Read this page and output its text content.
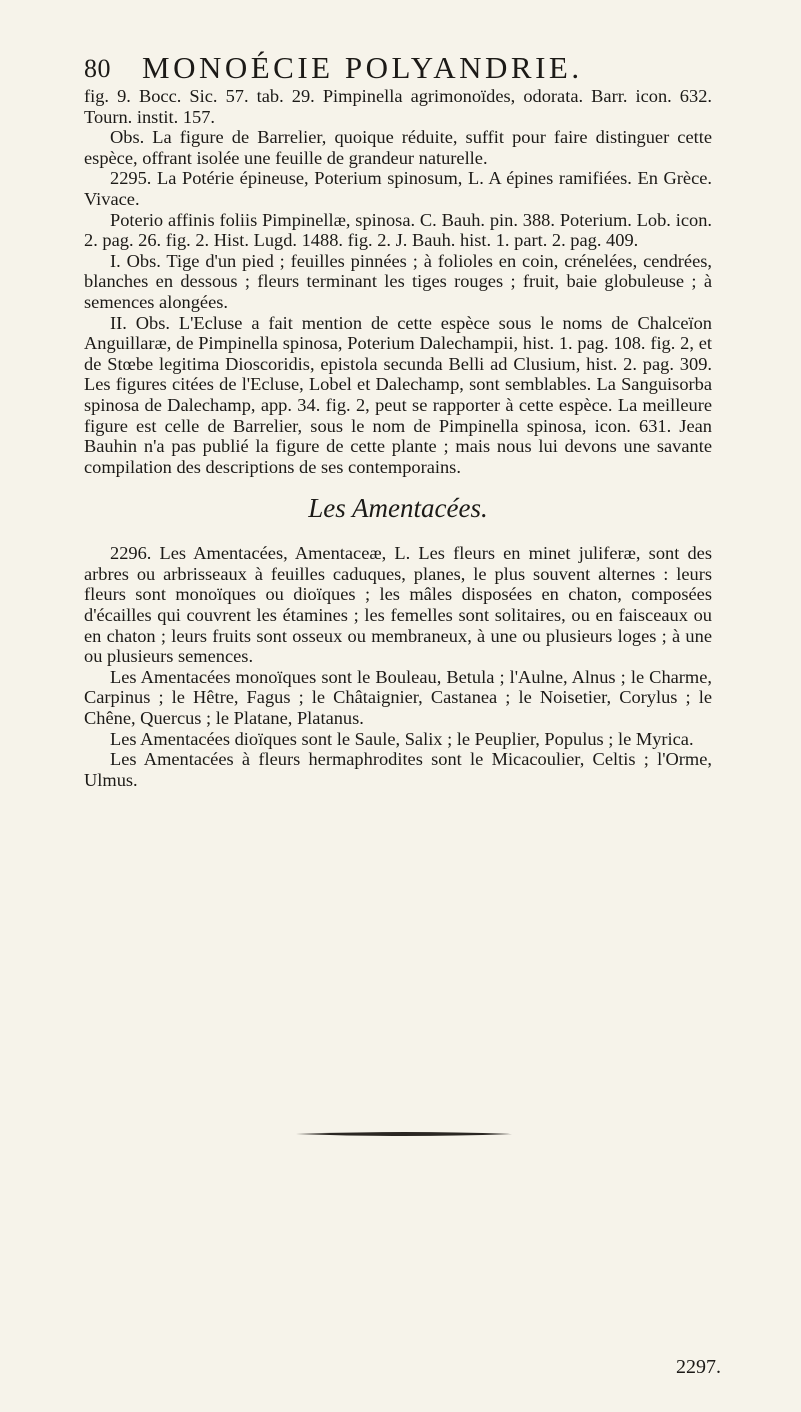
80 MONOÉCIE POLYANDRIE.

fig. 9. Bocc. Sic. 57. tab. 29. Pimpinella agrimonoïdes, odorata. Barr. icon. 632. Tourn. instit. 157.

Obs. La figure de Barrelier, quoique réduite, suffit pour faire distinguer cette espèce, offrant isolée une feuille de grandeur naturelle.

2295. La Potérie épineuse, Poterium spinosum, L. A épines ramifiées. En Grèce. Vivace.

Poterio affinis foliis Pimpinellæ, spinosa. C. Bauh. pin. 388. Poterium. Lob. icon. 2. pag. 26. fig. 2. Hist. Lugd. 1488. fig. 2. J. Bauh. hist. 1. part. 2. pag. 409.

I. Obs. Tige d'un pied ; feuilles pinnées ; à folioles en coin, crénelées, cendrées, blanches en dessous ; fleurs terminant les tiges rouges ; fruit, baie globuleuse ; à semences alongées.

II. Obs. L'Ecluse a fait mention de cette espèce sous le noms de Chalceïon Anguillaræ, de Pimpinella spinosa, Poterium Dalechampii, hist. 1. pag. 108. fig. 2, et de Stœbe legitima Dioscoridis, epistola secunda Belli ad Clusium, hist. 2. pag. 309. Les figures citées de l'Ecluse, Lobel et Dalechamp, sont semblables. La Sanguisorba spinosa de Dalechamp, app. 34. fig. 2, peut se rapporter à cette espèce. La meilleure figure est celle de Barrelier, sous le nom de Pimpinella spinosa, icon. 631. Jean Bauhin n'a pas publié la figure de cette plante ; mais nous lui devons une savante compilation des descriptions de ses contemporains.

Les Amentacées.

2296. Les Amentacées, Amentaceæ, L. Les fleurs en minet juliferæ, sont des arbres ou arbrisseaux à feuilles caduques, planes, le plus souvent alternes : leurs fleurs sont monoïques ou dioïques ; les mâles disposées en chaton, composées d'écailles qui couvrent les étamines ; les femelles sont solitaires, ou en faisceaux ou en chaton ; leurs fruits sont osseux ou membraneux, à une ou plusieurs loges ; à une ou plusieurs semences.

Les Amentacées monoïques sont le Bouleau, Betula ; l'Aulne, Alnus ; le Charme, Carpinus ; le Hêtre, Fagus ; le Châtaignier, Castanea ; le Noisetier, Corylus ; le Chêne, Quercus ; le Platane, Platanus.

Les Amentacées dioïques sont le Saule, Salix ; le Peuplier, Populus ; le Myrica.

Les Amentacées à fleurs hermaphrodites sont le Micacoulier, Celtis ; l'Orme, Ulmus.

2297.
